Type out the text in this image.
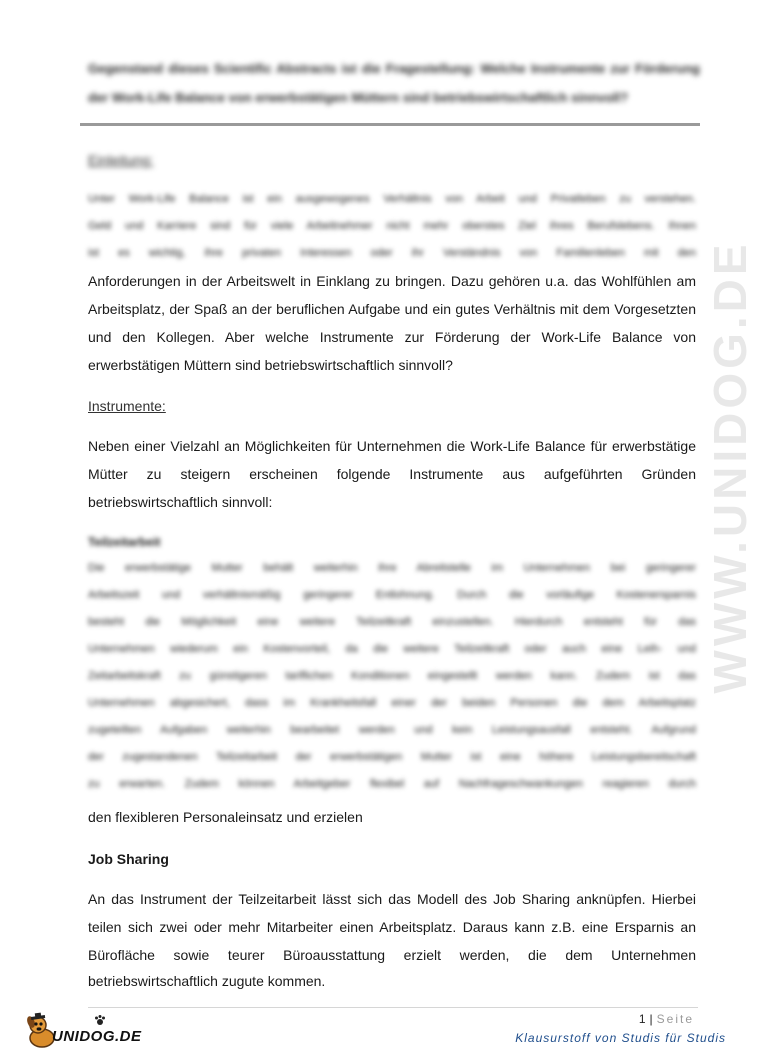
Gegenstand dieses Scientific Abstracts ist die Fragestellung: Welche Instrumente zur Förderung der Work-Life Balance von erwerbstätigen Müttern sind betriebswirtschaftlich sinnvoll?
Einleitung:
Unter Work-Life Balance ist ein ausgewogenes Verhältnis von Arbeit und Privatleben zu verstehen.
Geld und Karriere sind für viele Arbeitnehmer nicht mehr oberstes Ziel ihres Berufslebens. Ihnen
ist es wichtig, ihre privaten Interessen oder ihr Verständnis von Familienleben mit den
Anforderungen in der Arbeitswelt in Einklang zu bringen. Dazu gehören u.a. das Wohlfühlen am
Arbeitsplatz, der Spaß an der beruflichen Aufgabe und ein gutes Verhältnis mit dem Vorgesetzten
und den Kollegen. Aber welche Instrumente zur Förderung der Work-Life Balance von
erwerbstätigen Müttern sind betriebswirtschaftlich sinnvoll?
Instrumente:
Neben einer Vielzahl an Möglichkeiten für Unternehmen die Work-Life Balance für erwerbstätige
Mütter zu steigern erscheinen folgende Instrumente aus aufgeführten Gründen
betriebswirtschaftlich sinnvoll:
Teilzeitarbeit
Die erwerbstätige Mutter behält weiterhin ihre Abreitstelle im Unternehmen bei geringerer
Arbeitszeit und verhältnismäßig geringerer Entlohnung. Durch die vorläufige Kostenersparnis
besteht die Möglichkeit eine weitere Teilzeitkraft einzustellen. Hierdurch entsteht für das
Unternehmen wiederum ein Kostenvorteil, da die weitere Teilzeitkraft oder auch eine Leih- und
Zeitarbeitskraft zu günstigeren tariflichen Konditionen eingestellt werden kann. Zudem ist das
Unternehmen abgesichert, dass im Krankheitsfall einer der beiden Personen die dem Arbeitsplatz
zugeteilten Aufgaben weiterhin bearbeitet werden und kein Leistungsausfall entsteht. Aufgrund
der zugestandenen Teilzeitarbeit der erwerbstätigen Mutter ist eine höhere Leistungsbereitschaft
zu erwarten. Zudem können Arbeitgeber flexibel auf Nachfrageschwankungen reagieren durch
den flexibleren Personaleinsatz und erzielen
Job Sharing
An das Instrument der Teilzeitarbeit lässt sich das Modell des Job Sharing anknüpfen. Hierbei
teilen sich zwei oder mehr Mitarbeiter einen Arbeitsplatz. Daraus kann z.B. eine Ersparnis an
Bürofläche sowie teurer Büroausstattung erzielt werden, die dem Unternehmen
betriebswirtschaftlich zugute kommen.
WWW.UNIDOG.DE
1 | Seite
Klausurstoff von Studis für Studis
UNIDOG.DE
